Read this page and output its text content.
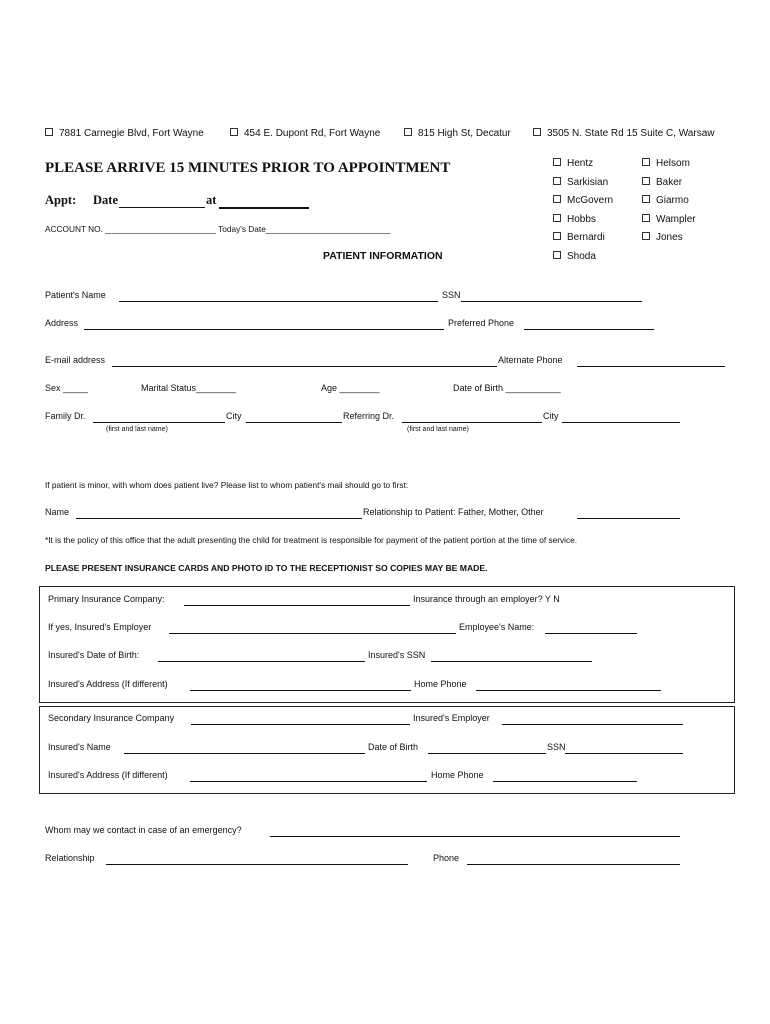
7881 Carnegie Blvd, Fort Wayne	454 E. Dupont Rd, Fort Wayne	815 High St, Decatur	3505 N. State Rd 15 Suite C, Warsaw
PLEASE ARRIVE 15 MINUTES PRIOR TO APPOINTMENT
Appt: Date	at
ACCOUNT NO. ________________________ Today's Date___________________________
Hentz
Sarkisian
McGovern
Hobbs
Bernardi
Shoda
Helsom
Baker
Giarmo
Wampler
Jones
PATIENT INFORMATION
Patient's Name	SSN
Address	Preferred Phone
E-mail address	Alternate Phone
Sex _____	Marital Status________	Age ________	Date of Birth ___________
Family Dr.	City	Referring Dr.	City
(first and last name)	(first and last name)
If patient is minor, with whom does patient live? Please list to whom patient's mail should go to first:
Name	Relationship to Patient: Father, Mother, Other
*It is the policy of this office that the adult presenting the child for treatment is responsible for payment of the patient portion at the time of service.
PLEASE PRESENT INSURANCE CARDS AND PHOTO ID TO THE RECEPTIONIST SO COPIES MAY BE MADE.
Primary Insurance Company:	Insurance through an employer? Y N
If yes, Insured's Employer	Employee's Name:
Insured's Date of Birth:	Insured's SSN
Insured's Address (If different)	Home Phone
Secondary Insurance Company	Insured's Employer
Insured's Name	Date of Birth	SSN
Insured's Address (If different)	Home Phone
Whom may we contact in case of an emergency?
Relationship	Phone
